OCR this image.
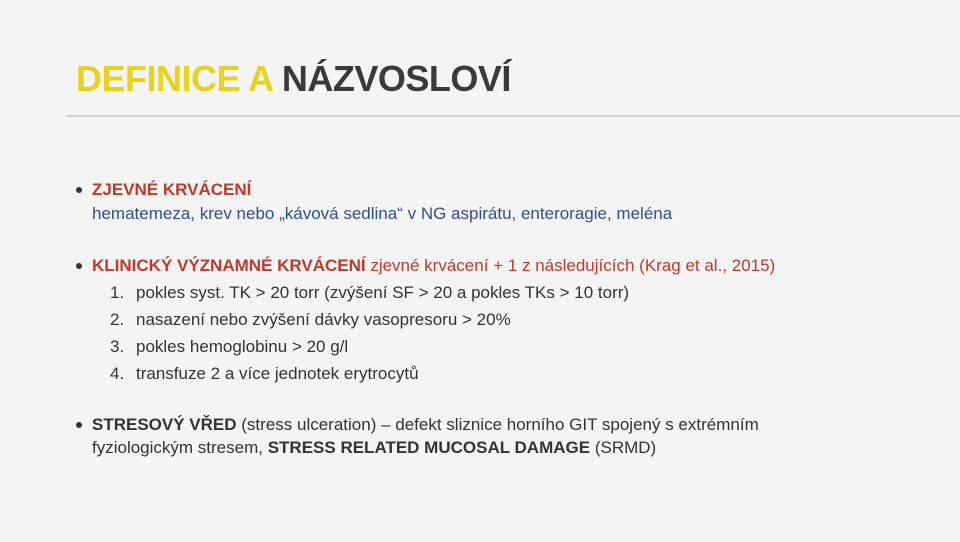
DEFINICE A NÁZVOSLOVÍ
ZJEVNÉ KRVÁCENÍ
hematemeza, krev nebo „kávová sedlina“ v NG aspirátu, enteroragie, meléna
KLINICKÝ VÝZNAMNÉ KRVÁCENÍ zjevné krvácení + 1 z následujících (Krag et al., 2015)
1. pokles syst. TK > 20 torr (zvýšení SF > 20 a pokles TKs > 10 torr)
2. nasazení nebo zvýšení dávky vasopresoru > 20%
3. pokles hemoglobinu > 20 g/l
4. transfuze 2 a více jednotek erytrocytů
STRESOVÝ VŘED (stress ulceration) – defekt sliznice horního GIT spojený s extrémním
fyziologickým stresem, STRESS RELATED MUCOSAL DAMAGE (SRMD)
